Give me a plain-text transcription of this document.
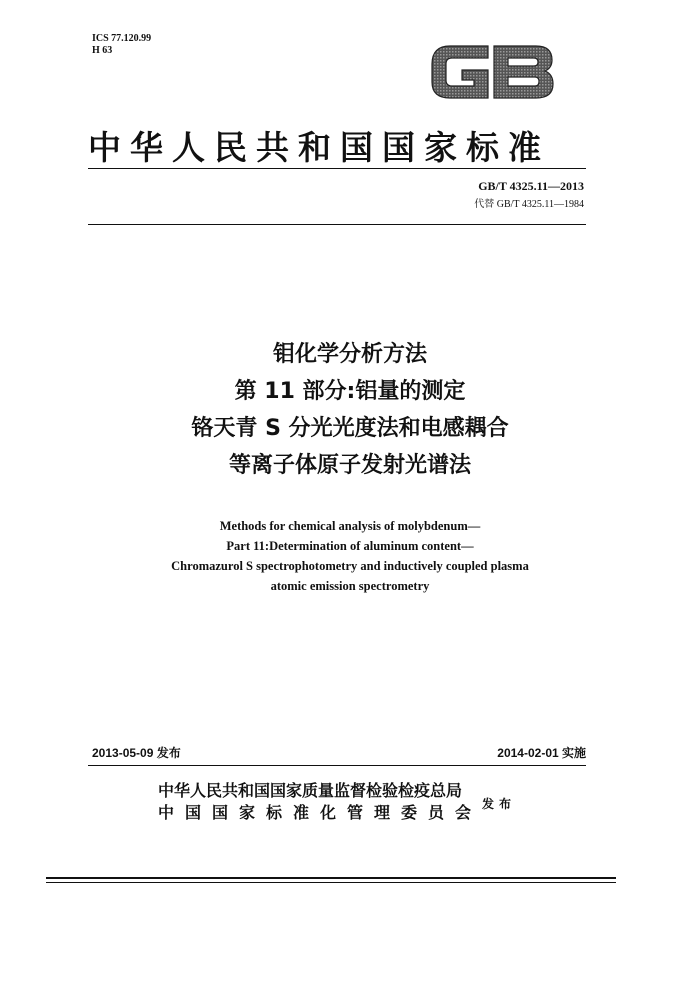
ICS 77.120.99
H 63
中华人民共和国国家标准
GB/T 4325.11—2013
代替 GB/T 4325.11—1984
钼化学分析方法
第 11 部分:铝量的测定
铬天青 S 分光光度法和电感耦合
等离子体原子发射光谱法
Methods for chemical analysis of molybdenum—
Part 11:Determination of aluminum content—
Chromazurol S spectrophotometry and inductively coupled plasma
atomic emission spectrometry
2013-05-09 发布	2014-02-01 实施
中华人民共和国国家质量监督检验检疫总局
中国国家标准化管理委员会 发布
